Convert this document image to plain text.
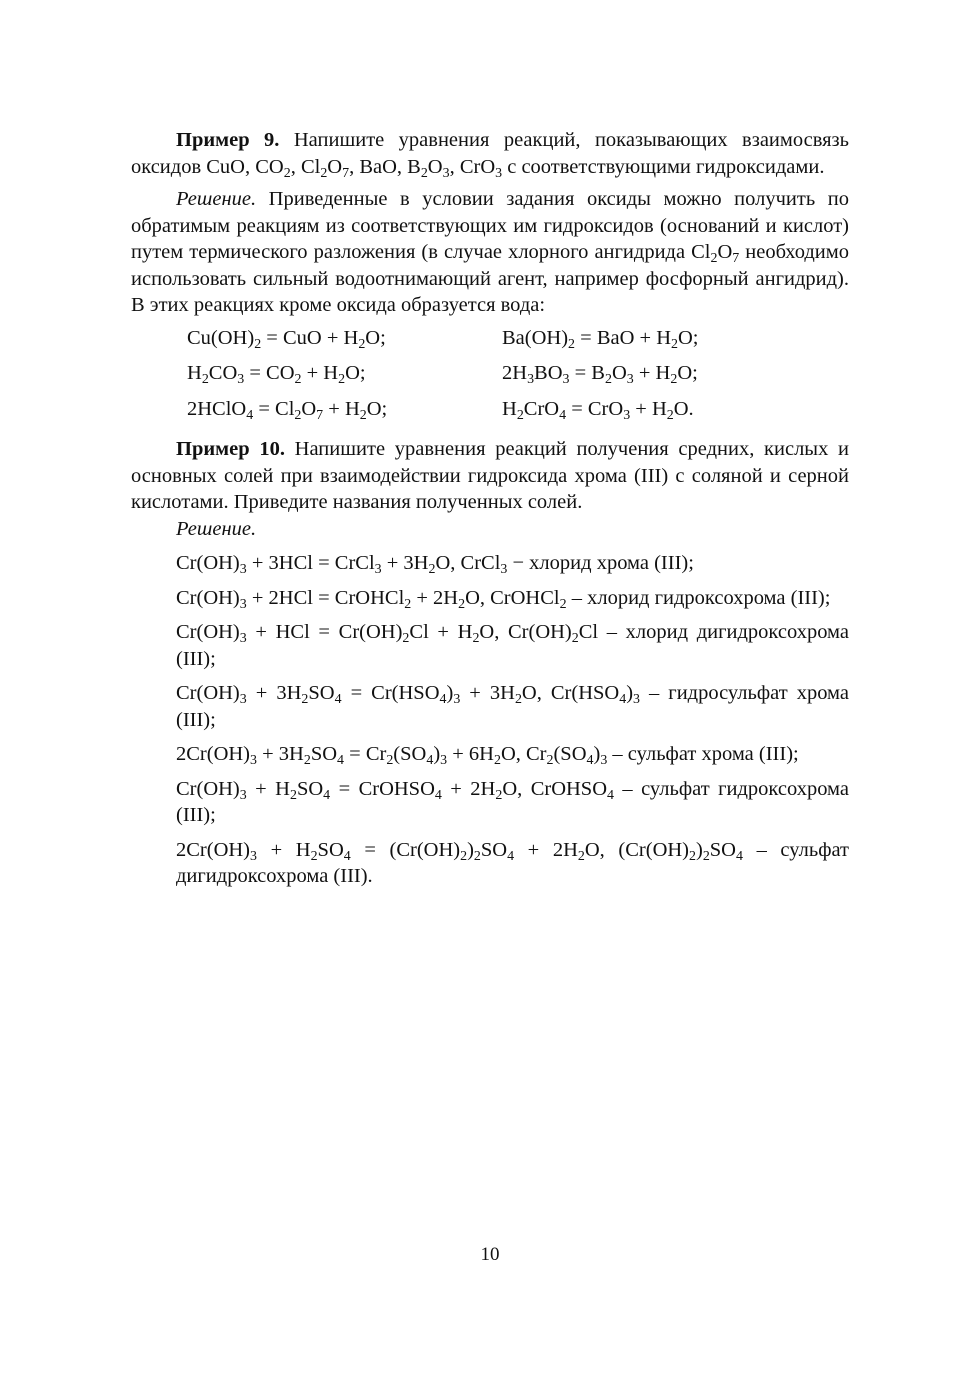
Пример 9. Напишите уравнения реакций, показывающих взаимосвязь оксидов CuO, $CO_2$, $Cl_2O_7$, BaO, $B_2O_3$, CrO$_3$ с соответствующими гидроксидами.

Решение. Приведенные в условии задания оксиды можно получить по обратимым реакциям из соответствующих им гидроксидов (оснований и кислот) путем термического разложения (в случае хлорного ангидрида $Cl_2O_7$ необходимо использовать сильный водоотнимающий агент, например фосфорный ангидрид). В этих реакциях кроме оксида образуется вода:

$Cu(OH)_2$ = CuO + $H_2O$;	$Ba(OH)_2$ = BaO + $H_2O$;
$H_2CO_3 = CO_2 + H_2O$;	$2H_3BO_3 = B_2O_3 + H_2O$;
2HClO$_4$ = $Cl_2O_7 + H_2O$;	$H_2CrO_4 = CrO_3 + H_2O$.

Пример 10. Напишите уравнения реакций получения средних, кислых и основных солей при взаимодействии гидроксида хрома (III) с соляной и серной кислотами. Приведите названия полученных солей.

Решение.

$Cr(OH)_3 + 3HCl$ = CrCl$_3$ + $3H_2O$, CrCl$_3$ − хлорид хрома (III);
$Cr(OH)_3 + 2HCl$ = CrOHCl$_2$ + $2H_2O$, CrOHCl$_2$ – хлорид гидроксохрома (III);
$Cr(OH)_3$ + HCl = $Cr(OH)_2Cl + H_2O$, $Cr(OH)_2Cl$ – хлорид дигидроксохрома (III);
$Cr(OH)_3 + 3H_2SO_4 = Cr(HSO_4)_3 + 3H_2O$, $Cr(HSO_4)_3$ – гидросульфат хрома (III);
$2Cr(OH)_3 + 3H_2SO_4 = Cr_2(SO_4)_3 + 6H_2O$, $Cr_2(SO_4)_3$ – сульфат хрома (III);
$Cr(OH)_3 + H_2SO_4$ = CrOHSO$_4$ + $2H_2O$, CrOHSO$_4$ – сульфат гидроксохрома (III);
$2Cr(OH)_3 + H_2SO_4 = (Cr(OH)_2)_2SO_4 + 2H_2O$, $(Cr(OH)_2)_2SO_4$ – сульфат дигидроксохрома (III).
10
